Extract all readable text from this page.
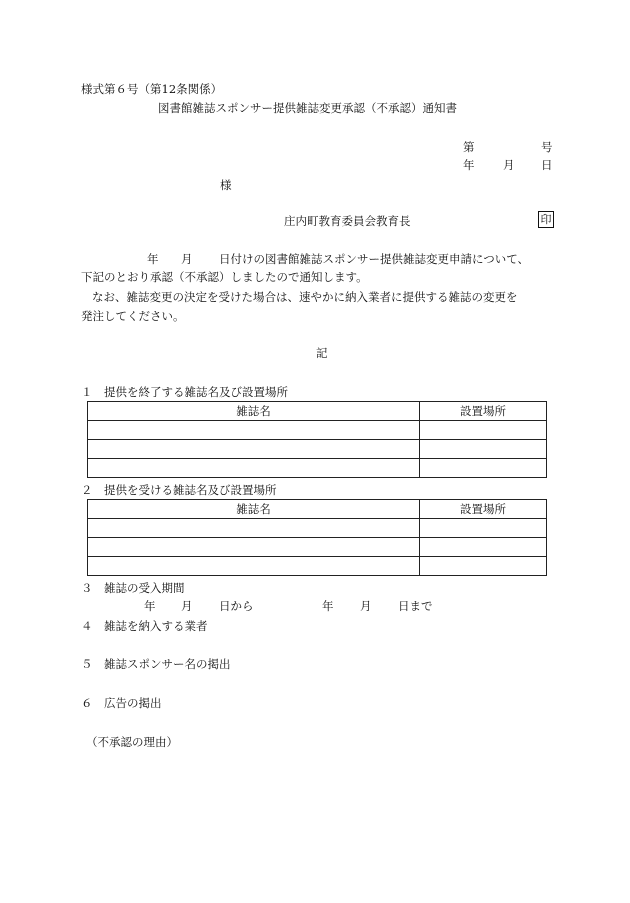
様式第６号（第12条関係）
図書館雑誌スポンサー提供雑誌変更承認（不承認）通知書
第	号
年 月 日
様
庄内町教育委員会教育長	印
年 月 日付けの図書館雑誌スポンサー提供雑誌変更申請について、
下記のとおり承認（不承認）しましたので通知します。
なお、雑誌変更の決定を受けた場合は、速やかに納入業者に提供する雑誌の変更を
発注してください。
記
１　提供を終了する雑誌名及び設置場所
雑誌名	設置場所

２　提供を受ける雑誌名及び設置場所
雑誌名	設置場所

３　雑誌の受入期間
年 月 日から	年 月 日まで
４　雑誌を納入する業者
５　雑誌スポンサー名の掲出
６　広告の掲出
（不承認の理由）
